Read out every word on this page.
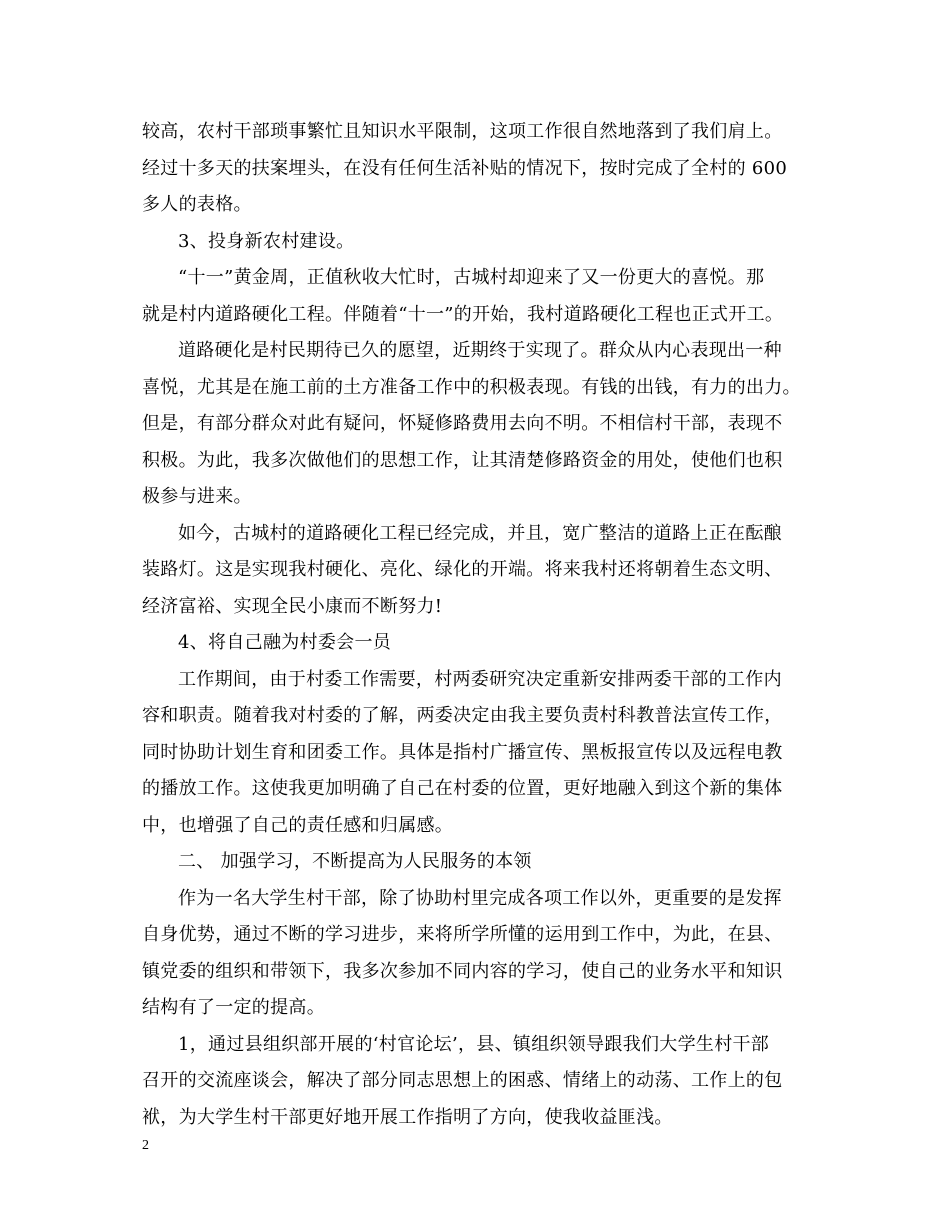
较高，农村干部琐事繁忙且知识水平限制，这项工作很自然地落到了我们肩上。
经过十多天的扶案埋头，在没有任何生活补贴的情况下，按时完成了全村的 600
多人的表格。
3、投身新农村建设。
“十一”黄金周，正值秋收大忙时，古城村却迎来了又一份更大的喜悦。那
就是村内道路硬化工程。伴随着“十一”的开始，我村道路硬化工程也正式开工。
道路硬化是村民期待已久的愿望，近期终于实现了。群众从内心表现出一种
喜悦，尤其是在施工前的土方准备工作中的积极表现。有钱的出钱，有力的出力。
但是，有部分群众对此有疑问，怀疑修路费用去向不明。不相信村干部，表现不
积极。为此，我多次做他们的思想工作，让其清楚修路资金的用处，使他们也积
极参与进来。
如今，古城村的道路硬化工程已经完成，并且，宽广整洁的道路上正在酝酿
装路灯。这是实现我村硬化、亮化、绿化的开端。将来我村还将朝着生态文明、
经济富裕、实现全民小康而不断努力!
4、将自己融为村委会一员
工作期间，由于村委工作需要，村两委研究决定重新安排两委干部的工作内
容和职责。随着我对村委的了解，两委决定由我主要负责村科教普法宣传工作，
同时协助计划生育和团委工作。具体是指村广播宣传、黑板报宣传以及远程电教
的播放工作。这使我更加明确了自己在村委的位置，更好地融入到这个新的集体
中，也增强了自己的责任感和归属感。
二、 加强学习，不断提高为人民服务的本领
作为一名大学生村干部，除了协助村里完成各项工作以外，更重要的是发挥
自身优势，通过不断的学习进步，来将所学所懂的运用到工作中，为此，在县、
镇党委的组织和带领下，我多次参加不同内容的学习，使自己的业务水平和知识
结构有了一定的提高。
1，通过县组织部开展的‘村官论坛’，县、镇组织领导跟我们大学生村干部
召开的交流座谈会，解决了部分同志思想上的困惑、情绪上的动荡、工作上的包
袱，为大学生村干部更好地开展工作指明了方向，使我收益匪浅。
2
